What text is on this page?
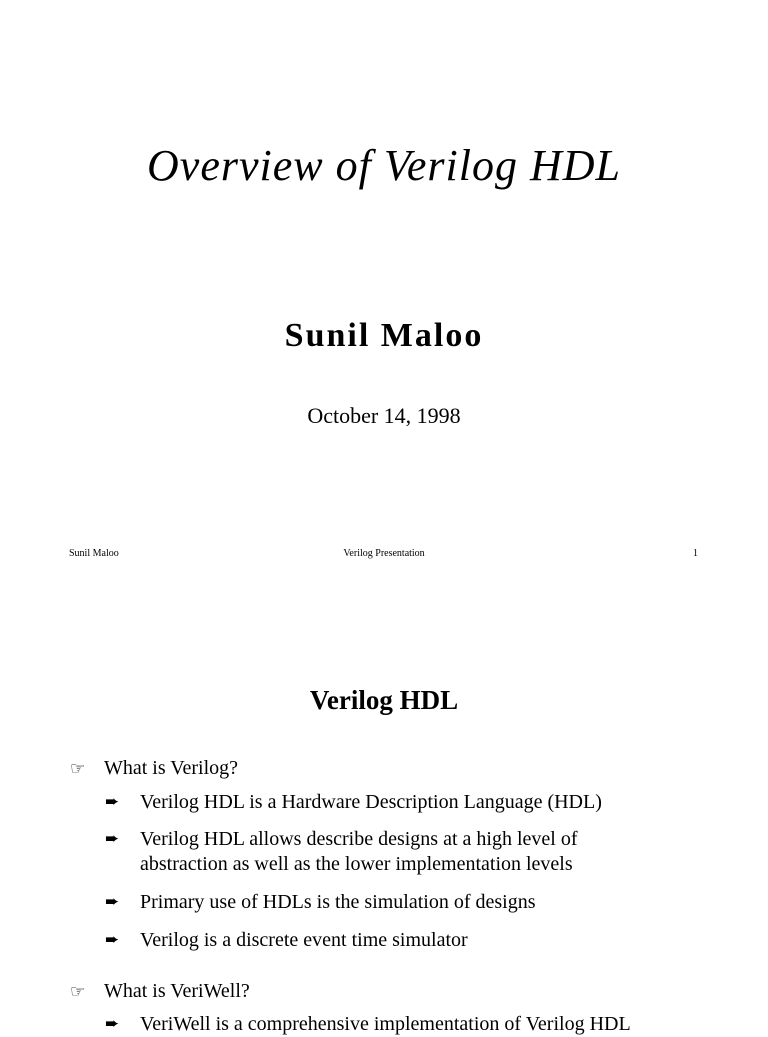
Overview of Verilog HDL
Sunil Maloo
October 14, 1998
Sunil Maloo	Verilog Presentation	1
Verilog HDL
☞ What is Verilog?
➨	Verilog HDL is a Hardware Description Language (HDL)
➨	Verilog HDL allows describe designs at a high level of abstraction as well as the lower implementation levels
➨	Primary use of HDLs is the simulation of designs
➨	Verilog is a discrete event time simulator
☞ What is VeriWell?
➨	VeriWell is a comprehensive implementation of Verilog HDL
